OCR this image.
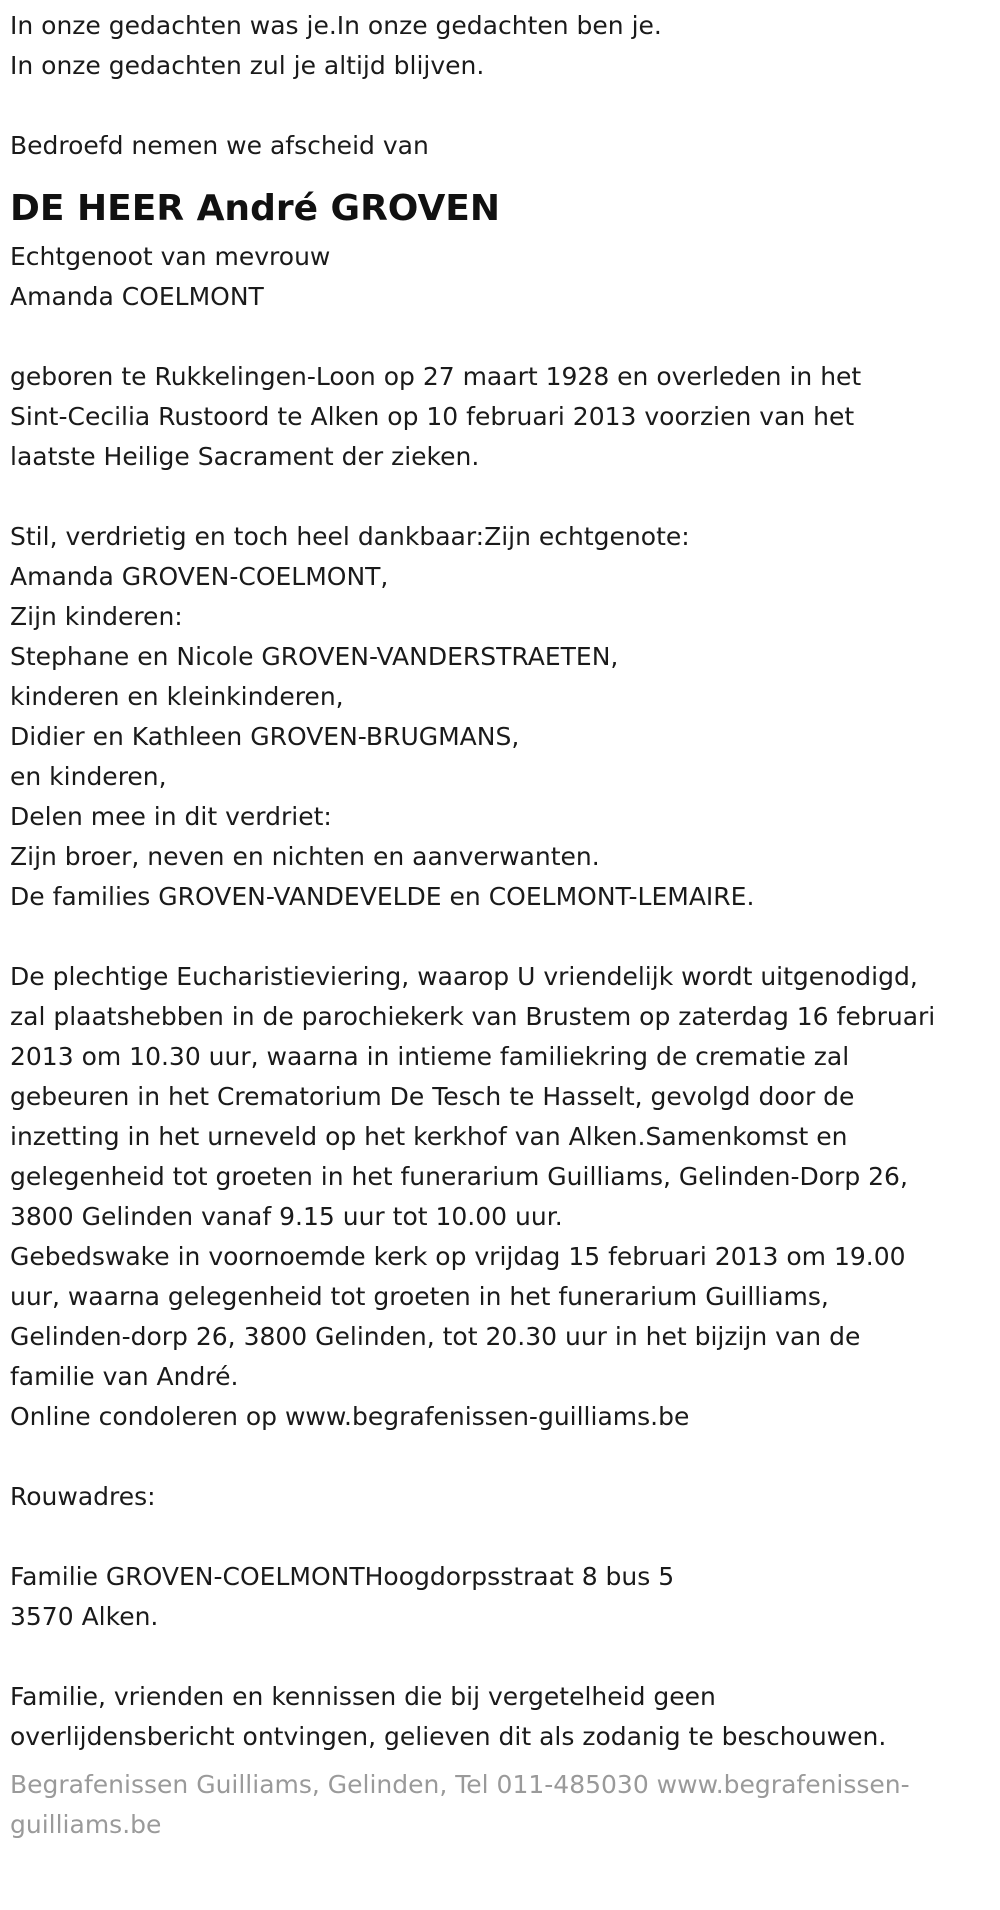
In onze gedachten was je.In onze gedachten ben je.
In onze gedachten zul je altijd blijven.
Bedroefd nemen we afscheid van
DE HEER André GROVEN
Echtgenoot van mevrouw
Amanda COELMONT
geboren te Rukkelingen-Loon op 27 maart 1928 en overleden in het
Sint-Cecilia Rustoord te Alken op 10 februari 2013 voorzien van het
laatste Heilige Sacrament der zieken.
Stil, verdrietig en toch heel dankbaar:Zijn echtgenote:
Amanda GROVEN-COELMONT,
Zijn kinderen:
Stephane en Nicole GROVEN-VANDERSTRAETEN,
kinderen en kleinkinderen,
Didier en Kathleen GROVEN-BRUGMANS,
en kinderen,
Delen mee in dit verdriet:
Zijn broer, neven en nichten en aanverwanten.
De families GROVEN-VANDEVELDE en COELMONT-LEMAIRE.
De plechtige Eucharistieviering, waarop U vriendelijk wordt uitgenodigd,
zal plaatshebben in de parochiekerk van Brustem op zaterdag 16 februari
2013 om 10.30 uur, waarna in intieme familiekring de crematie zal
gebeuren in het Crematorium De Tesch te Hasselt, gevolgd door de
inzetting in het urneveld op het kerkhof van Alken.Samenkomst en
gelegenheid tot groeten in het funerarium Guilliams, Gelinden-Dorp 26,
3800 Gelinden vanaf 9.15 uur tot 10.00 uur.
Gebedswake in voornoemde kerk op vrijdag 15 februari 2013 om 19.00
uur, waarna gelegenheid tot groeten in het funerarium Guilliams,
Gelinden-dorp 26, 3800 Gelinden, tot 20.30 uur in het bijzijn van de
familie van André.
Online condoleren op www.begrafenissen-guilliams.be
Rouwadres:
Familie GROVEN-COELMONTHoogdorpsstraat 8 bus 5
3570 Alken.
Familie, vrienden en kennissen die bij vergetelheid geen
overlijdensbericht ontvingen, gelieven dit als zodanig te beschouwen.
Begrafenissen Guilliams, Gelinden, Tel 011-485030 www.begrafenissen-
guilliams.be
